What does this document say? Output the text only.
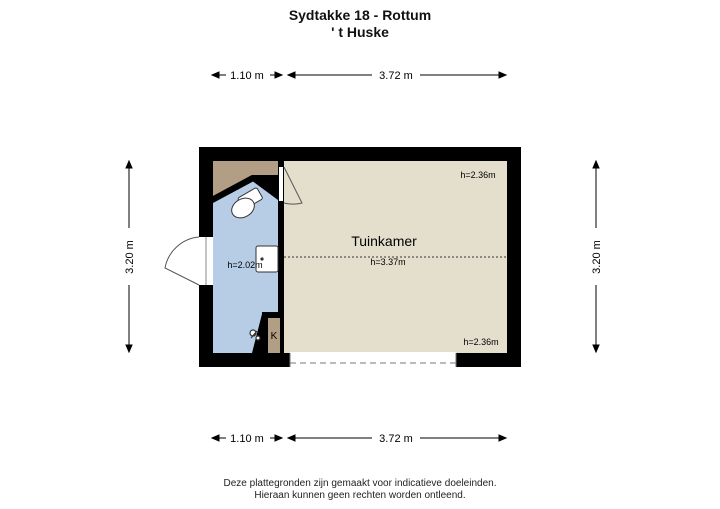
Sydtakke 18 - Rottum
' t Huske
1.10 m	3.72 m
1.10 m	3.72 m
3.20 m	3.20 m
K
Tuinkamer
h=2.36m
h=3.37m
h=2.36m
h=2.02m
Deze plattegronden zijn gemaakt voor indicatieve doeleinden.
Hieraan kunnen geen rechten worden ontleend.
